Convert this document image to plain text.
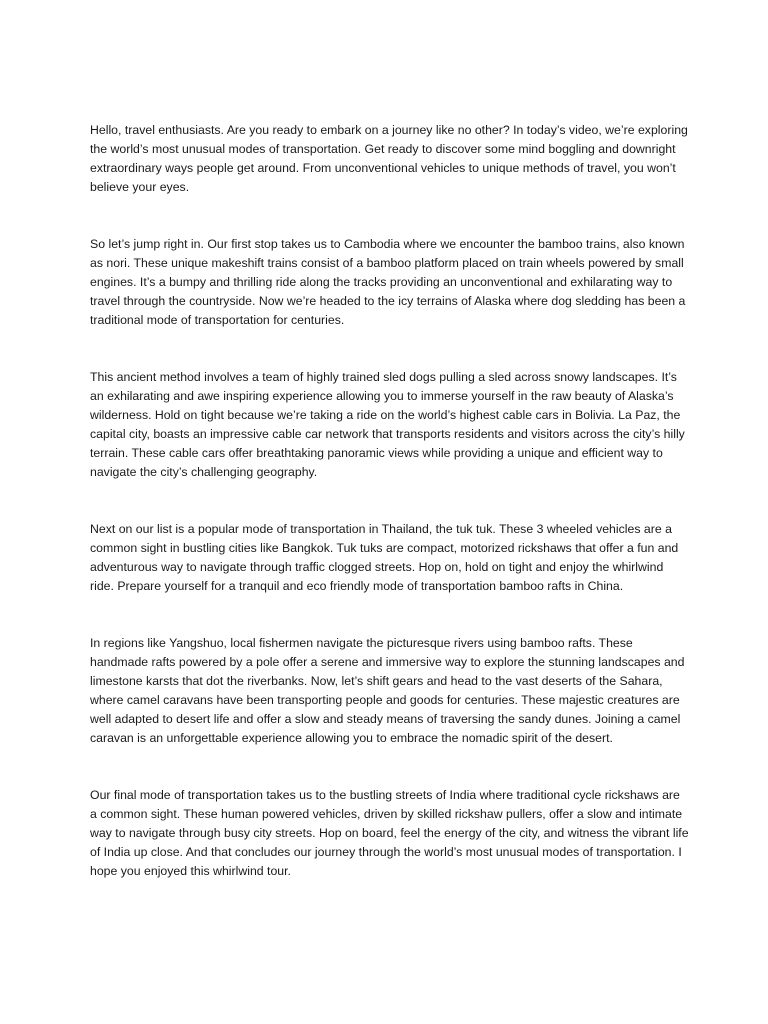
Hello, travel enthusiasts. Are you ready to embark on a journey like no other? In today’s video, we’re exploring the world’s most unusual modes of transportation. Get ready to discover some mind boggling and downright extraordinary ways people get around. From unconventional vehicles to unique methods of travel, you won’t believe your eyes.

So let’s jump right in. Our first stop takes us to Cambodia where we encounter the bamboo trains, also known as nori. These unique makeshift trains consist of a bamboo platform placed on train wheels powered by small engines. It’s a bumpy and thrilling ride along the tracks providing an unconventional and exhilarating way to travel through the countryside. Now we’re headed to the icy terrains of Alaska where dog sledding has been a traditional mode of transportation for centuries.

This ancient method involves a team of highly trained sled dogs pulling a sled across snowy landscapes. It’s an exhilarating and awe inspiring experience allowing you to immerse yourself in the raw beauty of Alaska’s wilderness. Hold on tight because we’re taking a ride on the world’s highest cable cars in Bolivia. La Paz, the capital city, boasts an impressive cable car network that transports residents and visitors across the city’s hilly terrain. These cable cars offer breathtaking panoramic views while providing a unique and efficient way to navigate the city’s challenging geography.

Next on our list is a popular mode of transportation in Thailand, the tuk tuk. These 3 wheeled vehicles are a common sight in bustling cities like Bangkok. Tuk tuks are compact, motorized rickshaws that offer a fun and adventurous way to navigate through traffic clogged streets. Hop on, hold on tight and enjoy the whirlwind ride. Prepare yourself for a tranquil and eco friendly mode of transportation bamboo rafts in China.

In regions like Yangshuo, local fishermen navigate the picturesque rivers using bamboo rafts. These handmade rafts powered by a pole offer a serene and immersive way to explore the stunning landscapes and limestone karsts that dot the riverbanks. Now, let’s shift gears and head to the vast deserts of the Sahara, where camel caravans have been transporting people and goods for centuries. These majestic creatures are well adapted to desert life and offer a slow and steady means of traversing the sandy dunes. Joining a camel caravan is an unforgettable experience allowing you to embrace the nomadic spirit of the desert.

Our final mode of transportation takes us to the bustling streets of India where traditional cycle rickshaws are a common sight. These human powered vehicles, driven by skilled rickshaw pullers, offer a slow and intimate way to navigate through busy city streets. Hop on board, feel the energy of the city, and witness the vibrant life of India up close. And that concludes our journey through the world’s most unusual modes of transportation. I hope you enjoyed this whirlwind tour.
